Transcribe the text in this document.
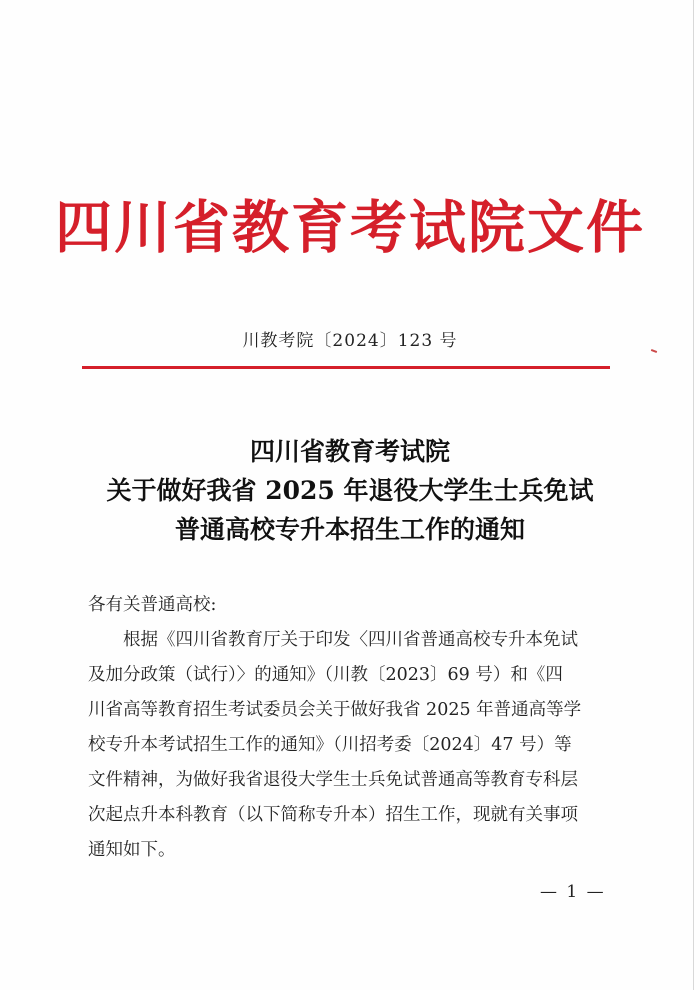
四川省教育考试院文件
川教考院〔2024〕123 号
四川省教育考试院
关于做好我省 2025 年退役大学生士兵免试
普通高校专升本招生工作的通知

各有关普通高校:

根据《四川省教育厅关于印发〈四川省普通高校专升本免试
及加分政策（试行）〉的通知》（川教〔2023〕69 号）和《四
川省高等教育招生考试委员会关于做好我省 2025 年普通高等学
校专升本考试招生工作的通知》（川招考委〔2024〕47 号）等
文件精神，为做好我省退役大学生士兵免试普通高等教育专科层
次起点升本科教育（以下简称专升本）招生工作，现就有关事项
通知如下。

— 1 —
